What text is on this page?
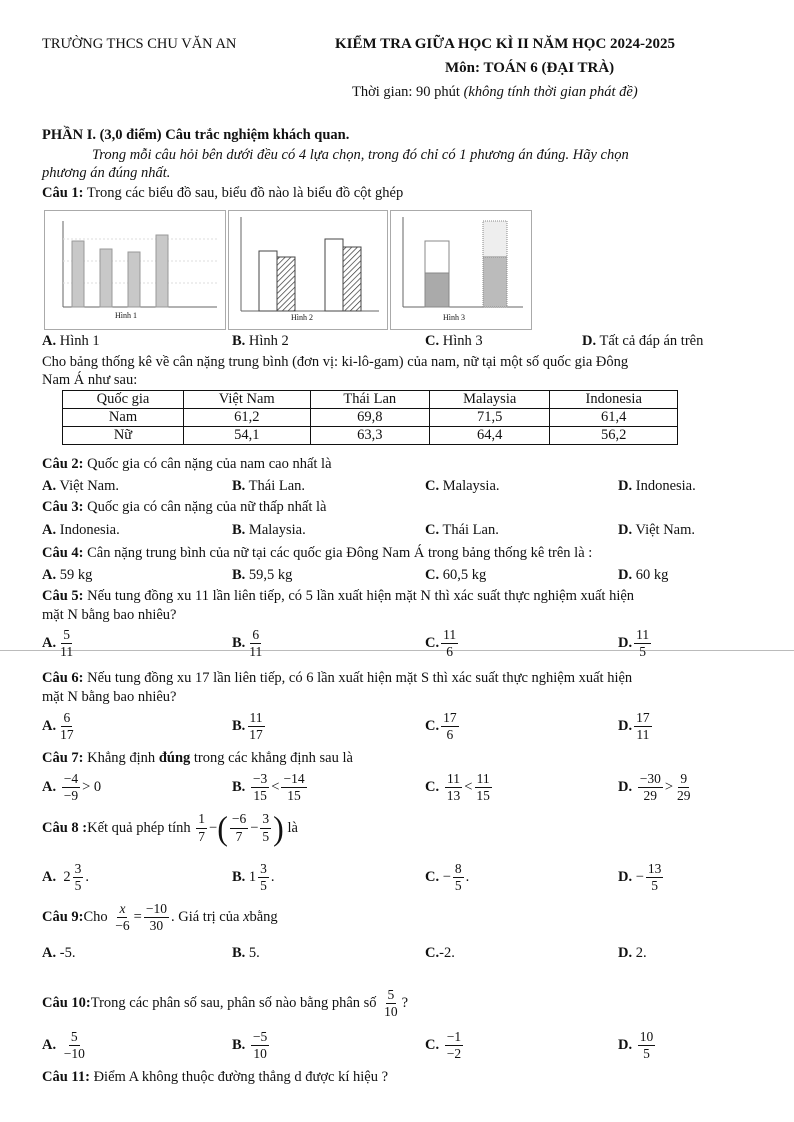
TRƯỜNG THCS CHU VĂN AN	KIỂM TRA GIỮA HỌC KÌ II NĂM HỌC 2024-2025
Môn: TOÁN 6 (ĐẠI TRÀ)
Thời gian: 90 phút (không tính thời gian phát đề)
PHẦN I. (3,0 điểm) Câu trắc nghiệm khách quan.
Trong mỗi câu hỏi bên dưới đều có 4 lựa chọn, trong đó chỉ có 1 phương án đúng. Hãy chọn
phương án đúng nhất.
Câu 1: Trong các biểu đồ sau, biểu đồ nào là biểu đồ cột ghép
Hình 1	Hình 2	Hình 3
A. Hình 1	B. Hình 2	C. Hình 3	D. Tất cả đáp án trên
Cho bảng thống kê về cân nặng trung bình (đơn vị: ki-lô-gam) của nam, nữ tại một số quốc gia Đông
Nam Á như sau:
Quốc gia	Việt Nam	Thái Lan	Malaysia	Indonesia
Nam	61,2	69,8	71,5	61,4
Nữ	54,1	63,3	64,4	56,2
Câu 2: Quốc gia có cân nặng của nam cao nhất là
A. Việt Nam.	B. Thái Lan.	C. Malaysia.	D. Indonesia.
Câu 3: Quốc gia có cân nặng của nữ thấp nhất là
A. Indonesia.	B. Malaysia.	C. Thái Lan.	D. Việt Nam.
Câu 4: Cân nặng trung bình của nữ tại các quốc gia Đông Nam Á trong bảng thống kê trên là :
A. 59 kg	B. 59,5 kg	C. 60,5 kg	D. 60 kg
Câu 5: Nếu tung đồng xu 11 lần liên tiếp, có 5 lần xuất hiện mặt N thì xác suất thực nghiệm xuất hiện
mặt N bằng bao nhiêu?
A. $\frac{5}{11}$	B. $\frac{6}{11}$	C. $\frac{11}{6}$	D. $\frac{11}{5}$
Câu 6: Nếu tung đồng xu 17 lần liên tiếp, có 6 lần xuất hiện mặt S thì xác suất thực nghiệm xuất hiện
mặt N bằng bao nhiêu?
A. $\frac{6}{17}$	B. $\frac{11}{17}$	C. $\frac{17}{6}$	D. $\frac{17}{11}$
Câu 7: Khẳng định đúng trong các khẳng định sau là
A. $\frac{-4}{-9} > 0$	B. $\frac{-3}{15} < \frac{-14}{15}$	C. $\frac{11}{13} < \frac{11}{15}$	D. $\frac{-30}{29} > \frac{9}{29}$
Câu 8 : Kết quả phép tính
$\frac{1}{7}$ − ( $\frac{-6}{7} - \frac{3}{5}$ )
là
A.
$2 \frac{3}{5}$ .	B.
$1 \frac{3}{5}$ .	C.
− $\frac{8}{5}$ .	D.
− $\frac{13}{5}$
Câu 9: Cho
$\frac{x}{-6} = \frac{-10}{30}$ . Giá trị của
x bằng
A. -5.	B. 5.	C.-2.	D. 2.
Câu 10: Trong các phân số sau, phân số nào bằng phân số
$\frac{5}{10}$ ?
A. $\frac{5}{-10}$	B. $\frac{-5}{10}$	C. $\frac{-1}{-2}$	D. $\frac{10}{5}$
Câu 11: Điểm A không thuộc đường thẳng d được kí hiệu ?
